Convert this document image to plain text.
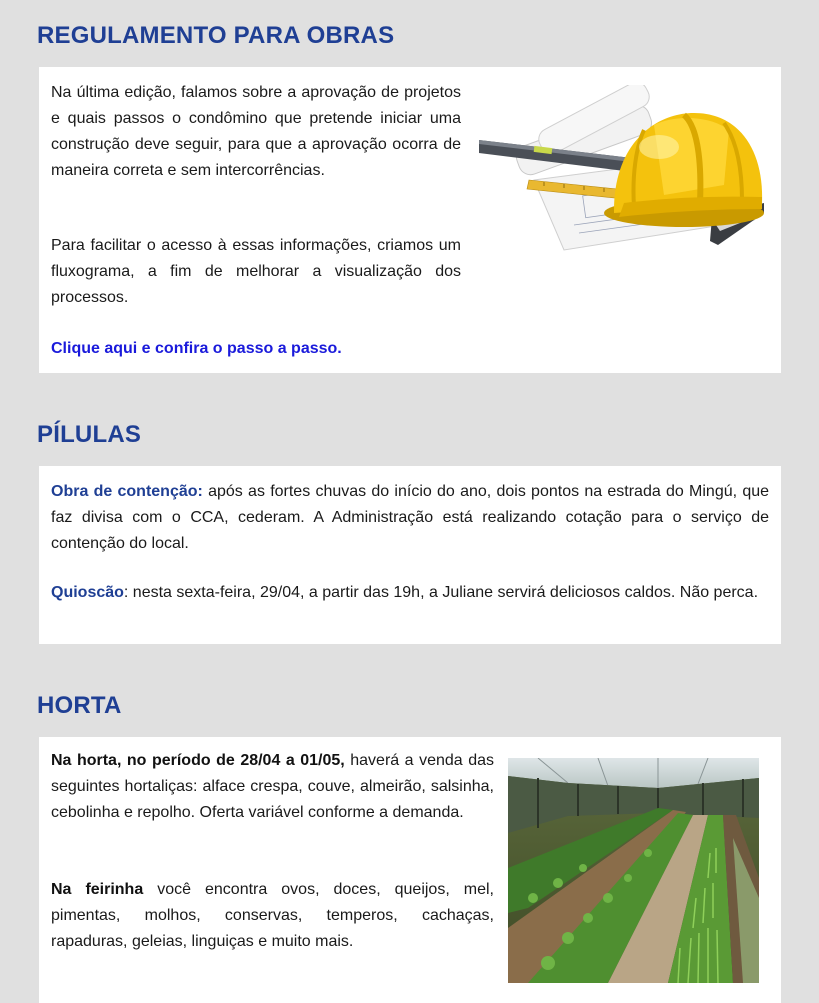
REGULAMENTO PARA OBRAS

Na última edição, falamos sobre a aprovação de projetos e quais passos o condômino que pretende iniciar uma construção deve seguir, para que a aprovação ocorra de maneira correta e sem intercorrências.

Para facilitar o acesso à essas informações, criamos um fluxograma, a fim de melhorar a visualização dos processos.

Clique aqui e confira o passo a passo.
PÍLULAS

Obra de contenção: após as fortes chuvas do início do ano, dois pontos na estrada do Mingú, que faz divisa com o CCA, cederam. A Administração está realizando cotação para o serviço de contenção do local.

Quioscão: nesta sexta-feira, 29/04, a partir das 19h, a Juliane servirá deliciosos caldos. Não perca.

HORTA

Na horta, no período de 28/04 a 01/05, haverá a venda das seguintes hortaliças: alface crespa, couve, almeirão, salsinha, cebolinha e repolho. Oferta variável conforme a demanda.

Na feirinha você encontra ovos, doces, queijos, mel, pimentas, molhos, conservas, temperos, cachaças, rapaduras, geleias, linguiças e muito mais.
